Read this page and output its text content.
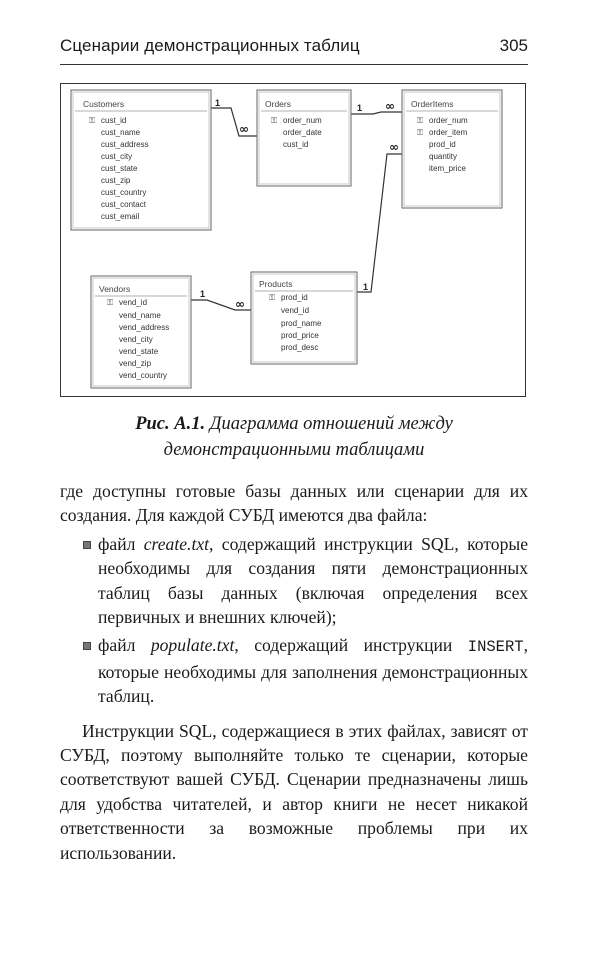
Сценарии демонстрационных таблиц	305
1
∞
1 ∞
1
∞
1
∞
Customers
⚿ cust_id
cust_name
cust_address
cust_city
cust_state
cust_zip
cust_country
cust_contact
cust_email
Orders
⚿ order_num
order_date
cust_id
OrderItems
⚿ order_num
⚿ order_item
prod_id
quantity
item_price
Vendors
⚿ vend_id
vend_name
vend_address
vend_city
vend_state
vend_zip
vend_country
Products
⚿ prod_id
vend_id
prod_name
prod_price
prod_desc
Рис. А.1. Диаграмма отношений между демонстрационными таблицами

где доступны готовые базы данных или сценарии для их создания. Для каждой СУБД имеются два файла:

файл create.txt, содержащий инструкции SQL, которые необходимы для создания пяти демонстрационных таблиц базы данных (включая определения всех первичных и внешних ключей);
файл populate.txt, содержащий инструкции INSERT, которые необходимы для заполнения демонстрационных таблиц.

Инструкции SQL, содержащиеся в этих файлах, зависят от СУБД, поэтому выполняйте только те сценарии, которые соответствуют вашей СУБД. Сценарии предназначены лишь для удобства читателей, и автор книги не несет никакой ответственности за возможные проблемы при их использовании.
